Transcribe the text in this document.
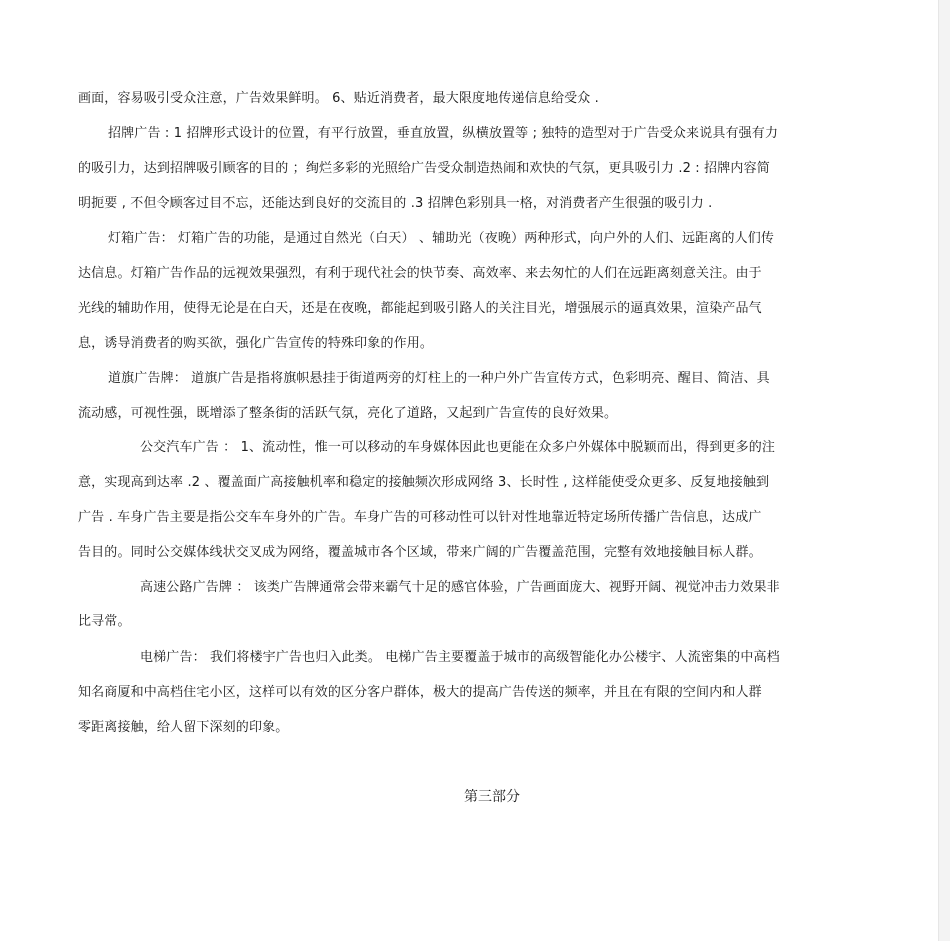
画面，容易吸引受众注意，广告效果鲜明。 6、贴近消费者，最大限度地传递信息给受众 .
招牌广告 : 1 招牌形式设计的位置，有平行放置，垂直放置，纵横放置等 ; 独特的造型对于广告受众来说具有强有力
的吸引力，达到招牌吸引顾客的目的 ；绚烂多彩的光照给广告受众制造热闹和欢快的气氛，更具吸引力 .2 : 招牌内容简
明扼要 , 不但令顾客过目不忘，还能达到良好的交流目的 .3 招牌色彩别具一格，对消费者产生很强的吸引力 .
灯箱广告： 灯箱广告的功能，是通过自然光（白天） 、辅助光（夜晚）两种形式，向户外的人们、远距离的人们传
达信息。灯箱广告作品的远视效果强烈，有利于现代社会的快节奏、高效率、来去匆忙的人们在远距离刻意关注。由于
光线的辅助作用，使得无论是在白天，还是在夜晚，都能起到吸引路人的关注目光，增强展示的逼真效果，渲染产品气
息，诱导消费者的购买欲，强化广告宣传的特殊印象的作用。
道旗广告牌： 道旗广告是指将旗帜悬挂于街道两旁的灯柱上的一种户外广告宣传方式，色彩明亮、醒目、简洁、具
流动感，可视性强，既增添了整条街的活跃气氛，亮化了道路，又起到广告宣传的良好效果。
公交汽车广告 ： 1、流动性，惟一可以移动的车身媒体因此也更能在众多户外媒体中脱颖而出，得到更多的注
意，实现高到达率 .2 、覆盖面广高接触机率和稳定的接触频次形成网络 3、长时性 , 这样能使受众更多、反复地接触到
广告 . 车身广告主要是指公交车车身外的广告。车身广告的可移动性可以针对性地靠近特定场所传播广告信息，达成广
告目的。同时公交媒体线状交叉成为网络，覆盖城市各个区域，带来广阔的广告覆盖范围，完整有效地接触目标人群。
高速公路广告牌 ： 该类广告牌通常会带来霸气十足的感官体验，广告画面庞大、视野开阔、视觉冲击力效果非
比寻常。
电梯广告： 我们将楼宇广告也归入此类。 电梯广告主要覆盖于城市的高级智能化办公楼宇、人流密集的中高档
知名商厦和中高档住宅小区，这样可以有效的区分客户群体，极大的提高广告传送的频率，并且在有限的空间内和人群
零距离接触，给人留下深刻的印象。
第三部分
